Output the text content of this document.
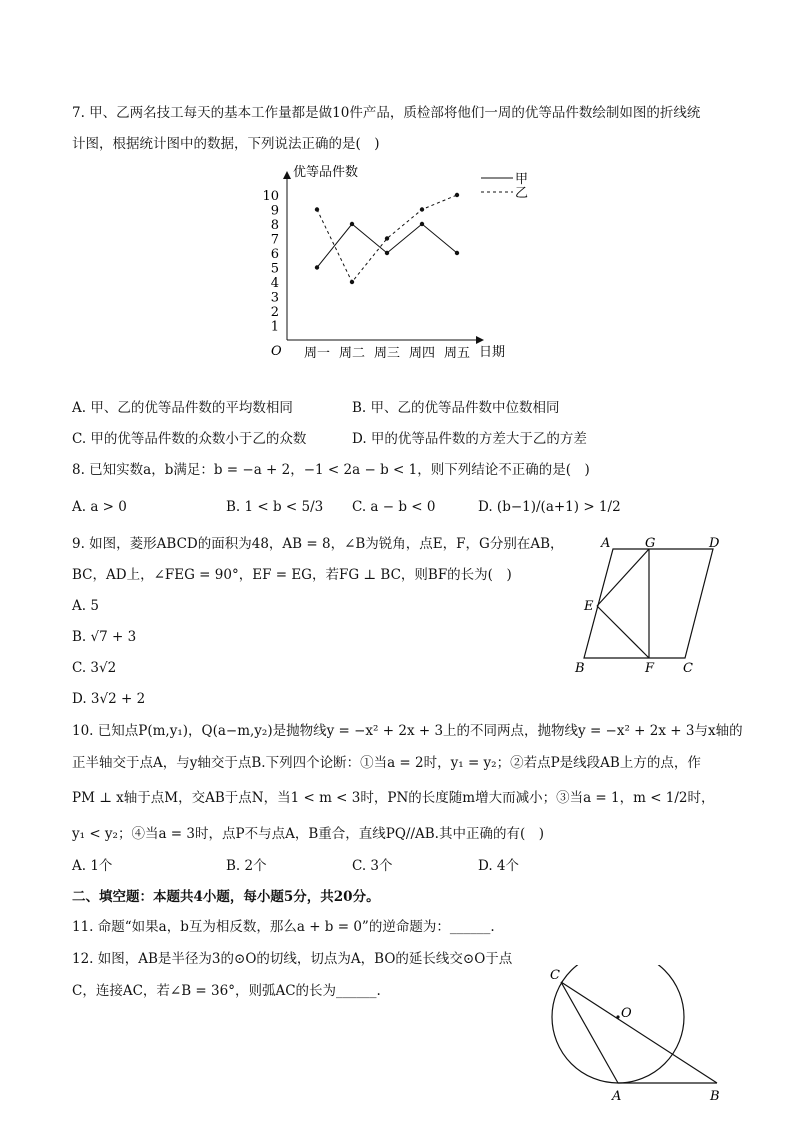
7. 甲、乙两名技工每天的基本工作量都是做10件产品，质检部将他们一周的优等品件数绘制如图的折线统
计图，根据统计图中的数据，下列说法正确的是(　)
优等品件数
日期
O
1
2
3
4
5
6
7
8
9
10
周一 周二 周三 周四 周五
甲
乙
A. 甲、乙的优等品件数的平均数相同	B. 甲、乙的优等品件数中位数相同
C. 甲的优等品件数的众数小于乙的众数	D. 甲的优等品件数的方差大于乙的方差
8. 已知实数a，b满足：b = −a + 2，−1 < 2a − b < 1，则下列结论不正确的是(　)
A. a > 0	B. 1 < b < 5/3 C. a − b < 0	D. (b−1)/(a+1) > 1/2
9. 如图，菱形ABCD的面积为48，AB = 8，∠B为锐角，点E，F，G分别在AB，
BC，AD上，∠FEG = 90°，EF = EG，若FG ⊥ BC，则BF的长为(　)
A. 5
B. √7 + 3
C. 3√2
D. 3√2 + 2
A	G	D
E
B	F C
10. 已知点P(m,y₁)，Q(a−m,y₂)是抛物线y = −x² + 2x + 3上的不同两点，抛物线y = −x² + 2x + 3与x轴的
正半轴交于点A，与y轴交于点B.下列四个论断：①当a = 2时，y₁ = y₂；②若点P是线段AB上方的点，作
PM ⊥ x轴于点M，交AB于点N，当1 < m < 3时，PN的长度随m增大而减小；③当a = 1，m < 1/2时，
y₁ < y₂；④当a = 3时，点P不与点A，B重合，直线PQ//AB.其中正确的有(　)
A. 1个	B. 2个	C. 3个	D. 4个
二、填空题：本题共4小题，每小题5分，共20分。
11. 命题“如果a，b互为相反数，那么a + b = 0”的逆命题为：______.
12. 如图，AB是半径为3的⊙O的切线，切点为A，BO的延长线交⊙O于点
C，连接AC，若∠B = 36°，则弧AC的长为______.
C
O
A	B
